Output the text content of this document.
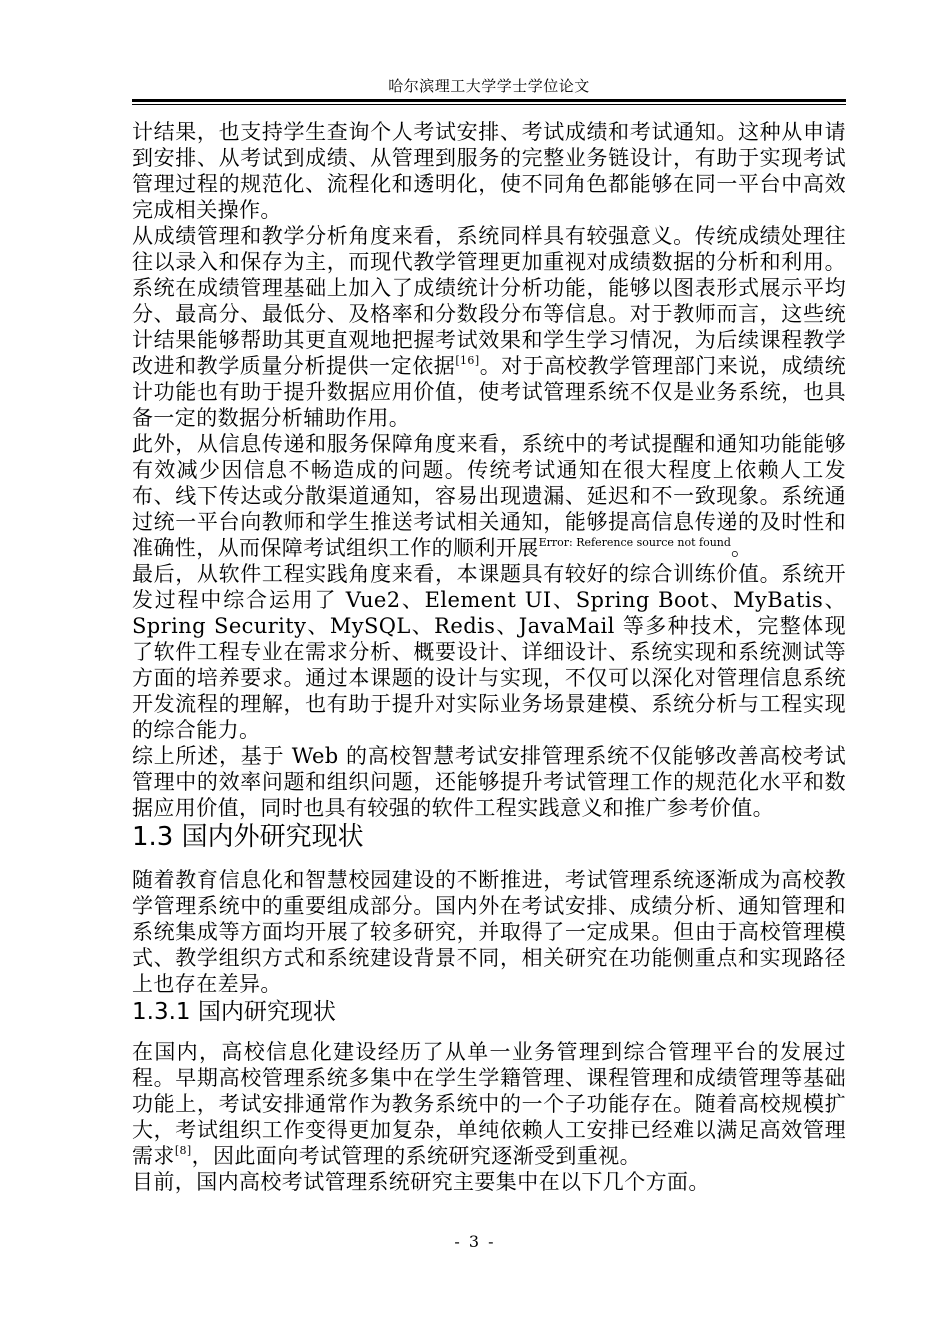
哈尔滨理工大学学士学位论文

计结果，也支持学生查询个人考试安排、考试成绩和考试通知。这种从申请到安排、从考试到成绩、从管理到服务的完整业务链设计，有助于实现考试管理过程的规范化、流程化和透明化，使不同角色都能够在同一平台中高效完成相关操作。

从成绩管理和教学分析角度来看，系统同样具有较强意义。传统成绩处理往往以录入和保存为主，而现代教学管理更加重视对成绩数据的分析和利用。系统在成绩管理基础上加入了成绩统计分析功能，能够以图表形式展示平均分、最高分、最低分、及格率和分数段分布等信息。对于教师而言，这些统计结果能够帮助其更直观地把握考试效果和学生学习情况，为后续课程教学改进和教学质量分析提供一定依据[16]。对于高校教学管理部门来说，成绩统计功能也有助于提升数据应用价值，使考试管理系统不仅是业务系统，也具备一定的数据分析辅助作用。

此外，从信息传递和服务保障角度来看，系统中的考试提醒和通知功能能够有效减少因信息不畅造成的问题。传统考试通知在很大程度上依赖人工发布、线下传达或分散渠道通知，容易出现遗漏、延迟和不一致现象。系统通过统一平台向教师和学生推送考试相关通知，能够提高信息传递的及时性和准确性，从而保障考试组织工作的顺利开展$^{Error: Reference source not found}$。

最后，从软件工程实践角度来看，本课题具有较好的综合训练价值。系统开发过程中综合运用了 Vue2、Element UI、Spring Boot、MyBatis、Spring Security、MySQL、Redis、JavaMail 等多种技术，完整体现了软件工程专业在需求分析、概要设计、详细设计、系统实现和系统测试等方面的培养要求。通过本课题的设计与实现，不仅可以深化对管理信息系统开发流程的理解，也有助于提升对实际业务场景建模、系统分析与工程实现的综合能力。

综上所述，基于 Web 的高校智慧考试安排管理系统不仅能够改善高校考试管理中的效率问题和组织问题，还能够提升考试管理工作的规范化水平和数据应用价值，同时也具有较强的软件工程实践意义和推广参考价值。

1.3 国内外研究现状

随着教育信息化和智慧校园建设的不断推进，考试管理系统逐渐成为高校教学管理系统中的重要组成部分。国内外在考试安排、成绩分析、通知管理和系统集成等方面均开展了较多研究，并取得了一定成果。但由于高校管理模式、教学组织方式和系统建设背景不同，相关研究在功能侧重点和实现路径上也存在差异。

1.3.1 国内研究现状

在国内，高校信息化建设经历了从单一业务管理到综合管理平台的发展过程。早期高校管理系统多集中在学生学籍管理、课程管理和成绩管理等基础功能上，考试安排通常作为教务系统中的一个子功能存在。随着高校规模扩大，考试组织工作变得更加复杂，单纯依赖人工安排已经难以满足高效管理需求[8]，因此面向考试管理的系统研究逐渐受到重视。

目前，国内高校考试管理系统研究主要集中在以下几个方面。

- 3 -
